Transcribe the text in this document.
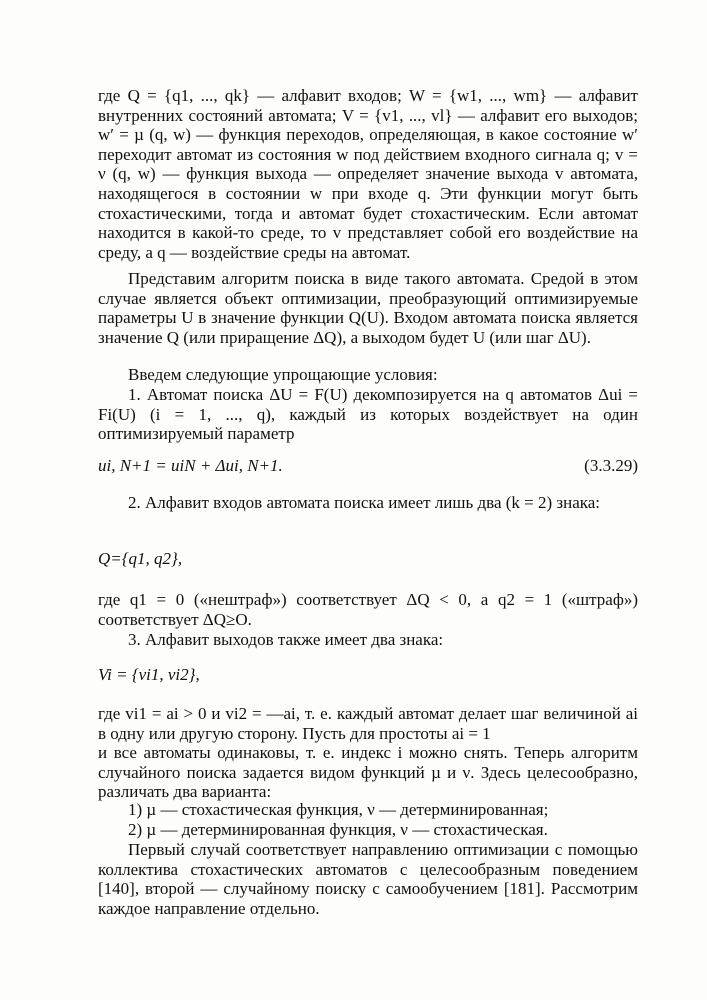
где Q = {q1, ..., qk} — алфавит входов; W = {w1, ..., wm} — алфавит внутренних состояний автомата; V = {v1, ..., vl} — алфавит его выходов; w′ = µ (q, w) — функция переходов, определяющая, в какое состояние w′ переходит автомат из состояния w под действием входного сигнала q; v = ν (q, w) — функция выхода — определяет значение выхода v автомата, находящегося в состоянии w при входе q. Эти функции могут быть стохастическими, тогда и автомат будет стохастическим. Если автомат находится в какой-то среде, то v представляет собой его воздействие на среду, а q — воздействие среды на автомат.

Представим алгоритм поиска в виде такого автомата. Средой в этом случае является объект оптимизации, преобразующий оптимизируемые параметры U в значение функции Q(U). Входом автомата поиска является значение Q (или приращение ΔQ), а выходом будет U (или шаг ΔU).

Введем следующие упрощающие условия:

1. Автомат поиска ΔU = F(U) декомпозируется на q автоматов Δui = Fi(U) (i = 1, ..., q), каждый из которых воздействует на один оптимизируемый параметр

ui, N+1 = uiN + Δui, N+1.	(3.3.29)

2. Алфавит входов автомата поиска имеет лишь два (k = 2) знака:

Q={q1, q2},

где q1 = 0 («нештраф») соответствует ΔQ < 0, а q2 = 1 («штраф») соответствует ΔQ≥O.

3. Алфавит выходов также имеет два знака:

Vi = {vi1, vi2},

где vi1 = ai > 0 и vi2 = —ai, т. е. каждый автомат делает шаг величиной ai в одну или другую сторону. Пусть для простоты ai = 1

и все автоматы одинаковы, т. е. индекс i можно снять. Теперь алгоритм случайного поиска задается видом функций µ и ν. Здесь целесообразно, различать два варианта:

1) µ — стохастическая функция, ν — детерминированная;

2) µ — детерминированная функция, ν — стохастическая.

Первый случай соответствует направлению оптимизации с помощью коллектива стохастических автоматов с целесообразным поведением [140], второй — случайному поиску с самообучением [181]. Рассмотрим каждое направление отдельно.
